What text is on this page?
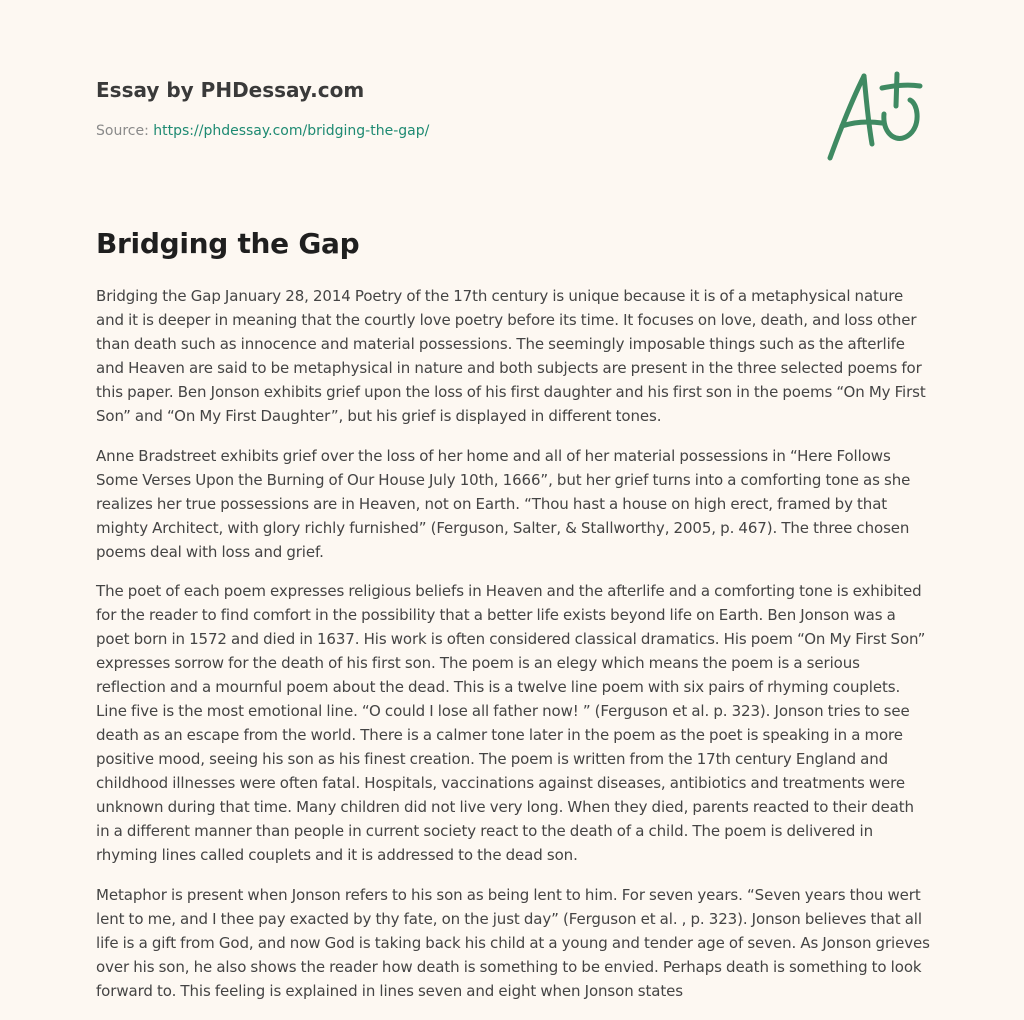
Essay by PHDessay.com
Source: https://phdessay.com/bridging-the-gap/
Bridging the Gap

Bridging the Gap January 28, 2014 Poetry of the 17th century is unique because it is of a metaphysical nature and it is deeper in meaning that the courtly love poetry before its time. It focuses on love, death, and loss other than death such as innocence and material possessions. The seemingly imposable things such as the afterlife and Heaven are said to be metaphysical in nature and both subjects are present in the three selected poems for this paper. Ben Jonson exhibits grief upon the loss of his first daughter and his first son in the poems “On My First Son” and “On My First Daughter”, but his grief is displayed in different tones.

Anne Bradstreet exhibits grief over the loss of her home and all of her material possessions in “Here Follows Some Verses Upon the Burning of Our House July 10th, 1666”, but her grief turns into a comforting tone as she realizes her true possessions are in Heaven, not on Earth. “Thou hast a house on high erect, framed by that mighty Architect, with glory richly furnished” (Ferguson, Salter, & Stallworthy, 2005, p. 467). The three chosen poems deal with loss and grief.

The poet of each poem expresses religious beliefs in Heaven and the afterlife and a comforting tone is exhibited for the reader to find comfort in the possibility that a better life exists beyond life on Earth. Ben Jonson was a poet born in 1572 and died in 1637. His work is often considered classical dramatics. His poem “On My First Son” expresses sorrow for the death of his first son. The poem is an elegy which means the poem is a serious reflection and a mournful poem about the dead. This is a twelve line poem with six pairs of rhyming couplets. Line five is the most emotional line. “O could I lose all father now! ” (Ferguson et al. p. 323). Jonson tries to see death as an escape from the world. There is a calmer tone later in the poem as the poet is speaking in a more positive mood, seeing his son as his finest creation. The poem is written from the 17th century England and childhood illnesses were often fatal. Hospitals, vaccinations against diseases, antibiotics and treatments were unknown during that time. Many children did not live very long. When they died, parents reacted to their death in a different manner than people in current society react to the death of a child. The poem is delivered in rhyming lines called couplets and it is addressed to the dead son.

Metaphor is present when Jonson refers to his son as being lent to him. For seven years. “Seven years thou wert lent to me, and I thee pay exacted by thy fate, on the just day” (Ferguson et al. , p. 323). Jonson believes that all life is a gift from God, and now God is taking back his child at a young and tender age of seven. As Jonson grieves over his son, he also shows the reader how death is something to be envied. Perhaps death is something to look forward to. This feeling is explained in lines seven and eight when Jonson states
